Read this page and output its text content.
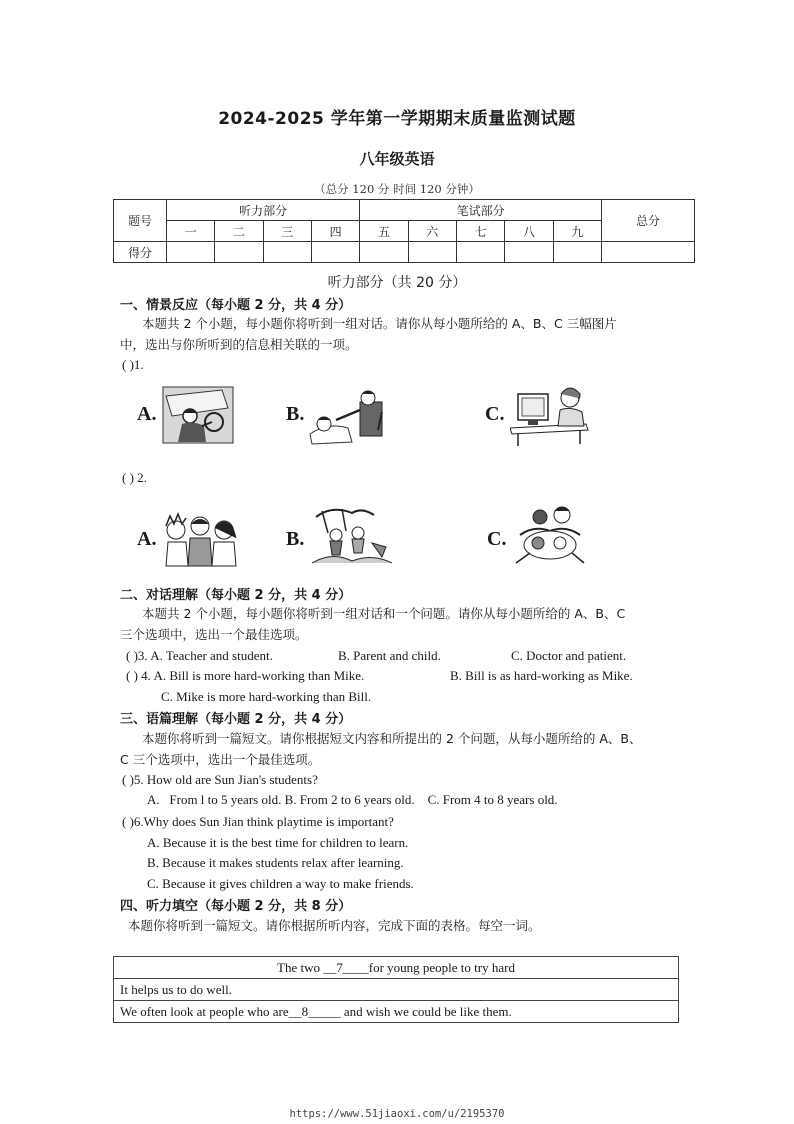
2024-2025 学年第一学期期末质量监测试题
八年级英语
（总分 120 分 时间 120 分钟）
题号	听力部分				笔试部分					总分
	一	二	三	四	五	六	七	八	九	
得分										
听力部分（共 20 分）
一、情景反应（每小题 2 分，共 4 分）
本题共 2 个小题，每小题你将听到一组对话。请你从每小题所给的 A、B、C 三幅图片
中，选出与你所听到的信息相关联的一项。
( )1.
A.	B.	C.
( ) 2.
A.	B.	C.
二、对话理解（每小题 2 分，共 4 分）
本题共 2 个小题，每小题你将听到一组对话和一个问题。请你从每小题所给的 A、B、C
三个选项中，选出一个最佳选项。
( )3. A. Teacher and student.	B. Parent and child.	C. Doctor and patient.
( ) 4. A. Bill is more hard-working than Mike.	B. Bill is as hard-working as Mike.
C. Mike is more hard-working than Bill.
三、语篇理解（每小题 2 分，共 4 分）
本题你将听到一篇短文。请你根据短文内容和所提出的 2 个问题，从每小题所给的 A、B、
C 三个选项中，选出一个最佳选项。
( )5. How old are Sun Jian's students?
A.   From l to 5 years old. B. From 2 to 6 years old.    C. From 4 to 8 years old.
( )6.Why does Sun Jian think playtime is important?
A. Because it is the best time for children to learn.
B. Because it makes students relax after learning.
C. Because it gives children a way to make friends.
四、听力填空（每小题 2 分，共 8 分）
本题你将听到一篇短文。请你根据所听内容，完成下面的表格。每空一词。
The two __7____for young people to try hard
It helps us to do well.
We often look at people who are__8_____ and wish we could be like them.
https://www.51jiaoxi.com/u/2195370
